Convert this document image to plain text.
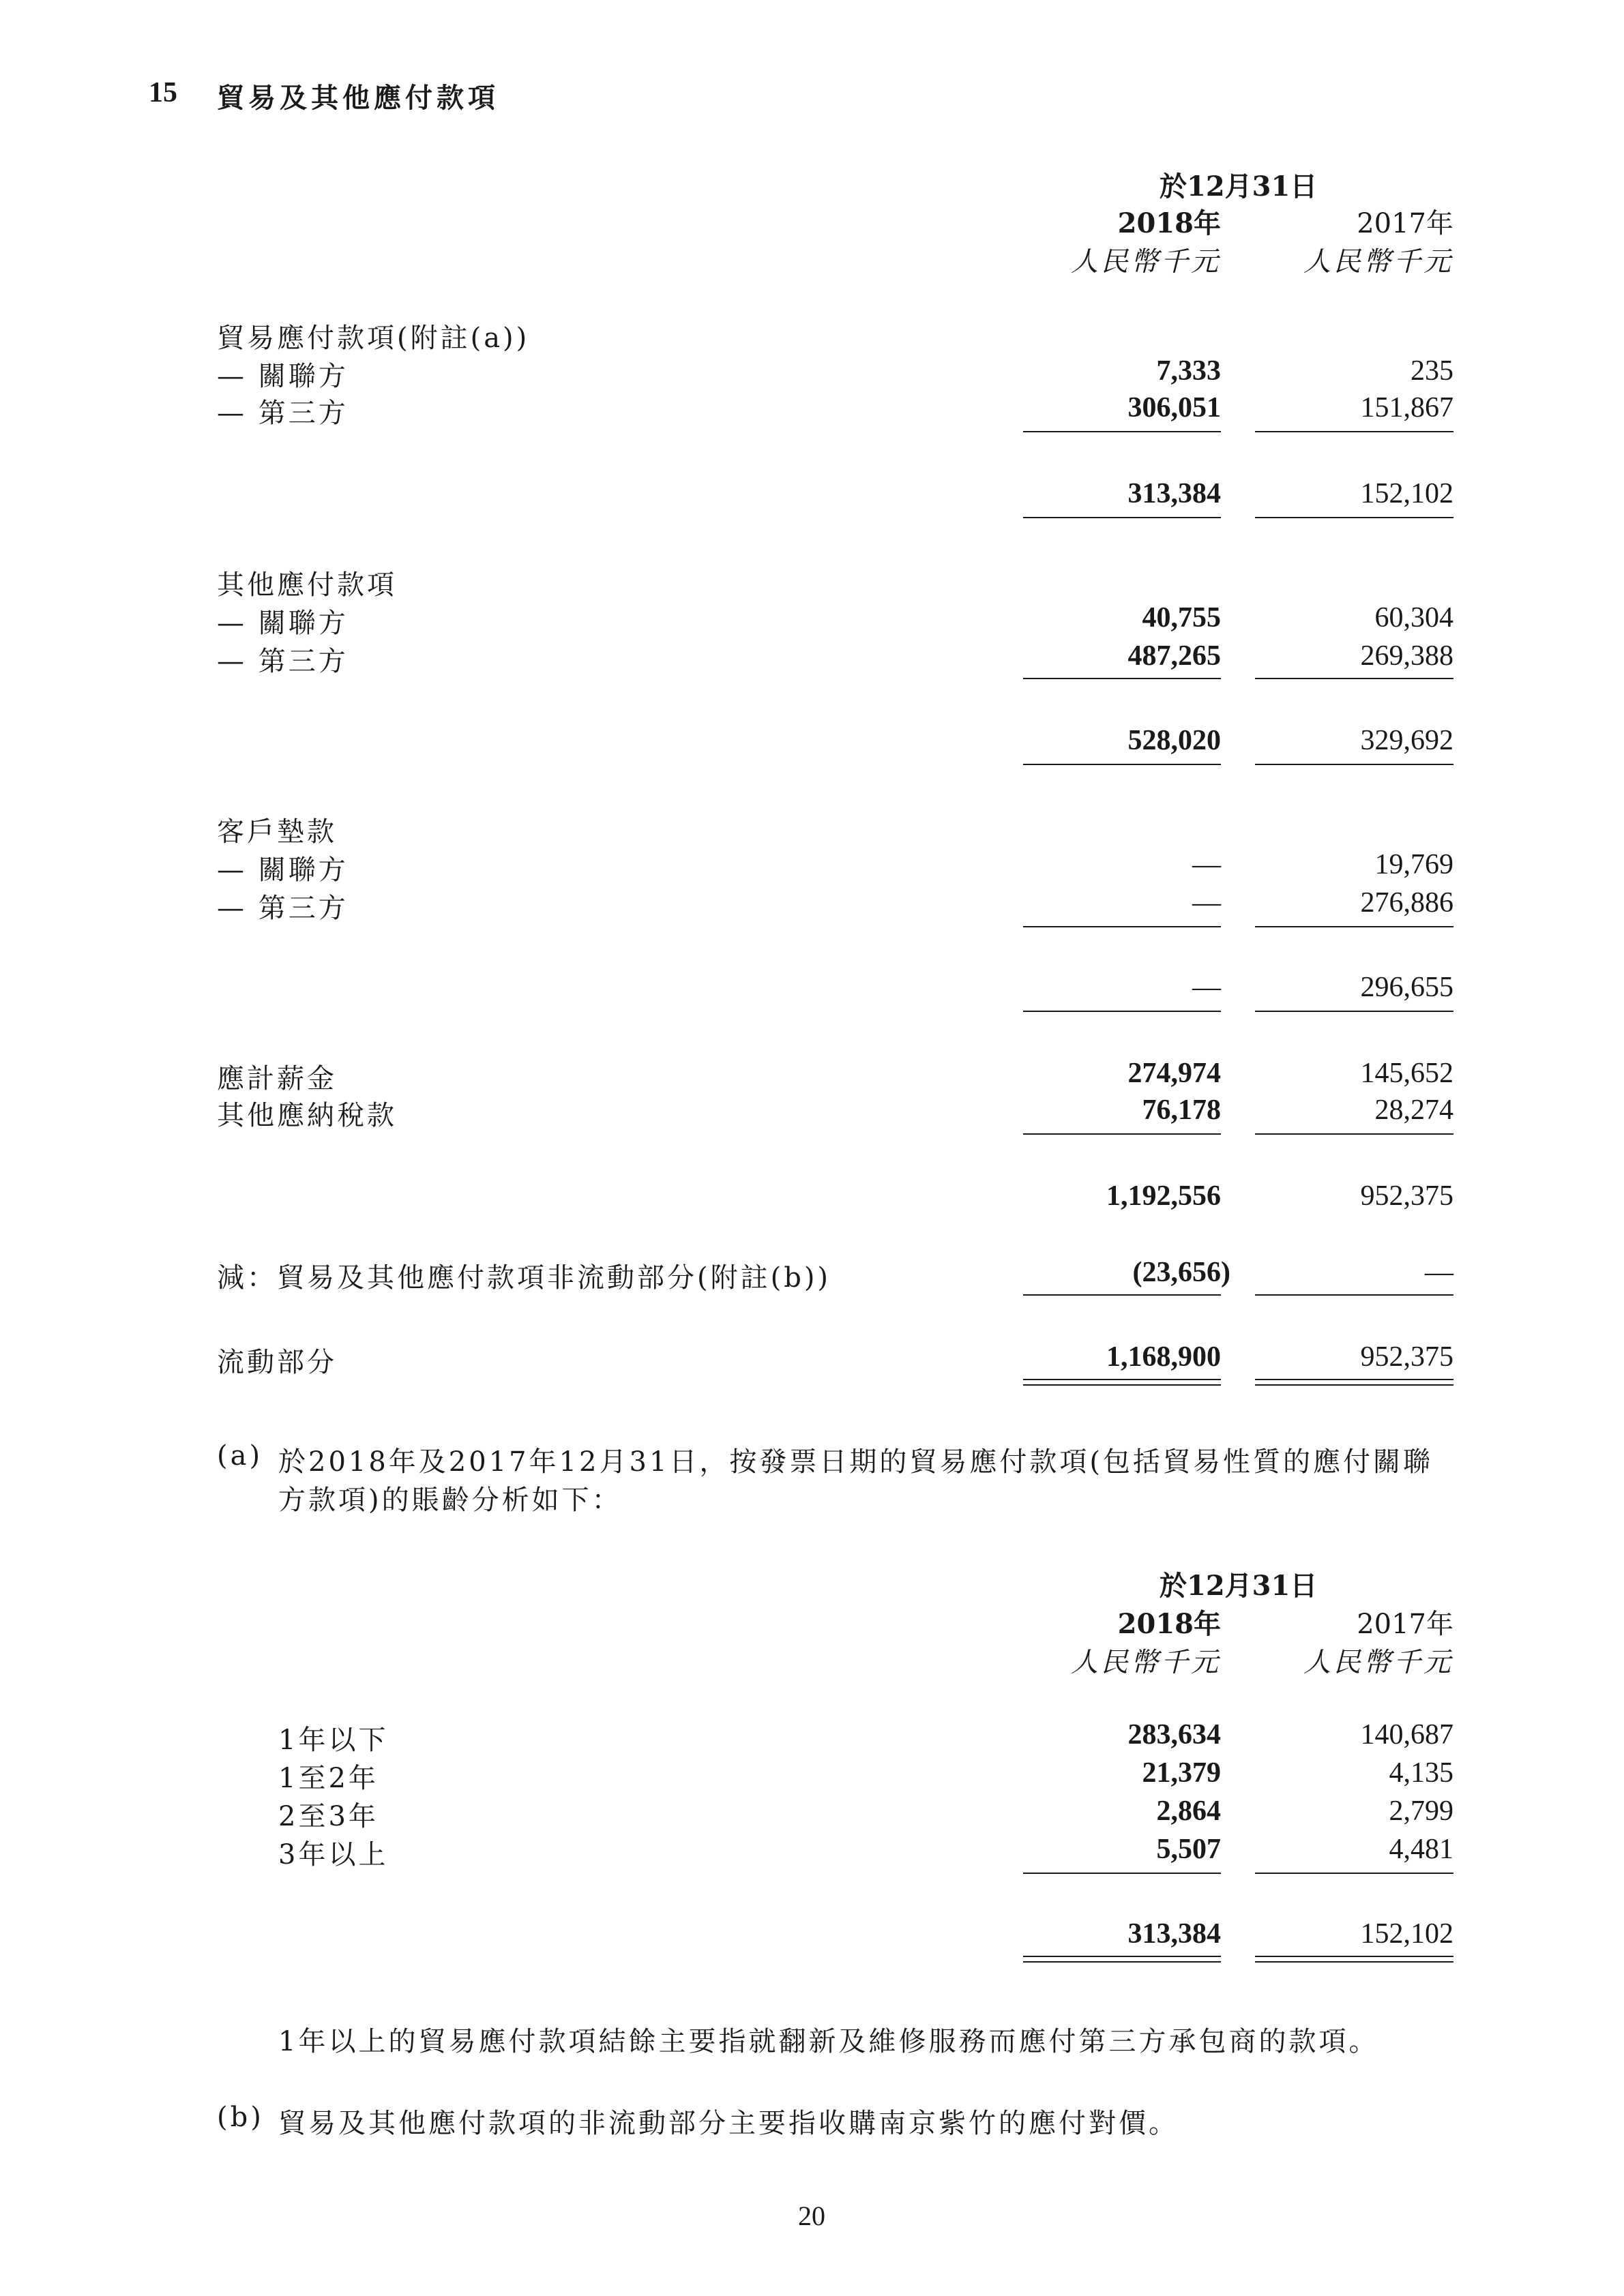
15 貿易及其他應付款項
於12月31日
2018年	2017年
人民幣千元	人民幣千元
貿易應付款項(附註(a))
— 關聯方	7,333	235
— 第三方	306,051	151,867
313,384	152,102
其他應付款項
— 關聯方	40,755	60,304
— 第三方	487,265	269,388
528,020	329,692
客戶墊款
— 關聯方	—	19,769
— 第三方	—	276,886
—	296,655
應計薪金	274,974	145,652
其他應納稅款	76,178	28,274
1,192,556	952,375
減：貿易及其他應付款項非流動部分(附註(b))	(23,656)	—
流動部分	1,168,900	952,375
(a) 於2018年及2017年12月31日，按發票日期的貿易應付款項(包括貿易性質的應付關聯
方款項)的賬齡分析如下：
於12月31日
2018年	2017年
人民幣千元	人民幣千元
1年以下	283,634	140,687
1至2年	21,379	4,135
2至3年	2,864	2,799
3年以上	5,507	4,481
313,384	152,102
1年以上的貿易應付款項結餘主要指就翻新及維修服務而應付第三方承包商的款項。
(b) 貿易及其他應付款項的非流動部分主要指收購南京紫竹的應付對價。
20
